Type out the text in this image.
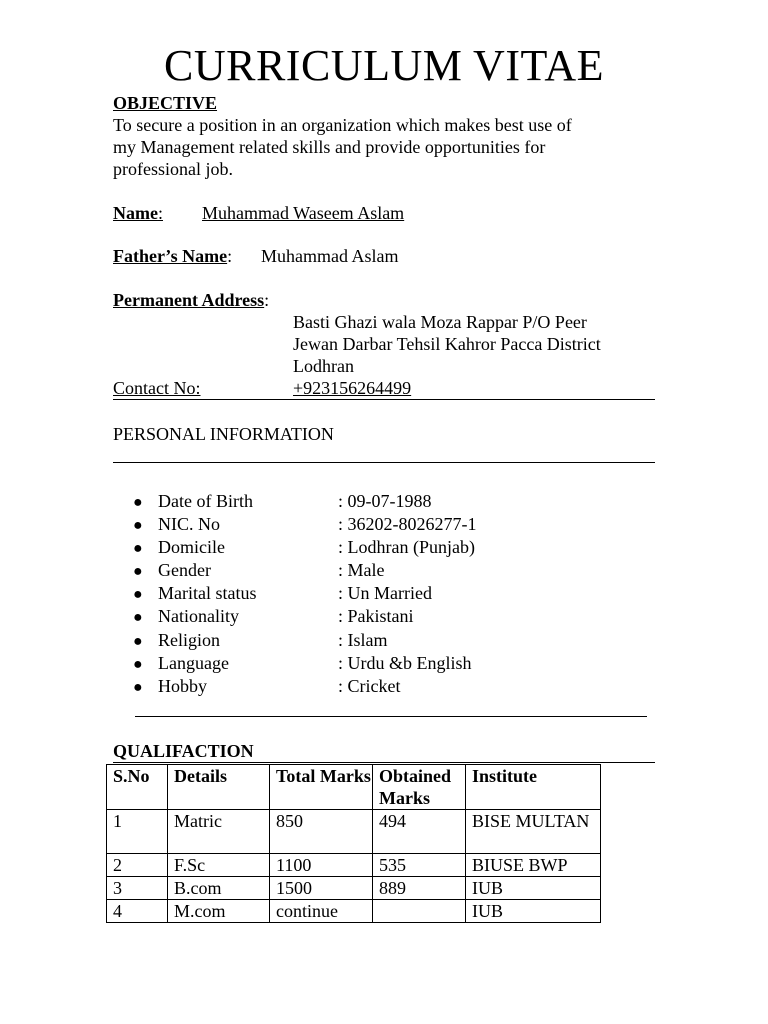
CURRICULUM VITAE
OBJECTIVE
To secure a position in an organization which makes best use of
my Management related skills and provide opportunities for
professional job.
Name: Muhammad Waseem Aslam
Father’s Name: Muhammad Aslam
Permanent Address:
Basti Ghazi wala Moza Rappar P/O Peer
Jewan Darbar Tehsil Kahror Pacca District
Lodhran
Contact No:	+923156264499
PERSONAL INFORMATION
● Date of Birth	: 09-07-1988
● NIC. No	: 36202-8026277-1
● Domicile	: Lodhran (Punjab)
● Gender	: Male
● Marital status	: Un Married
● Nationality	: Pakistani
● Religion	: Islam
● Language	: Urdu &b English
● Hobby	: Cricket
QUALIFACTION
S.No	Details	Total Marks	Obtained Marks	Institute
1	Matric	850	494	BISE MULTAN
2	F.Sc	1100	535	BIUSE BWP
3	B.com	1500	889	IUB
4	M.com	continue		IUB
